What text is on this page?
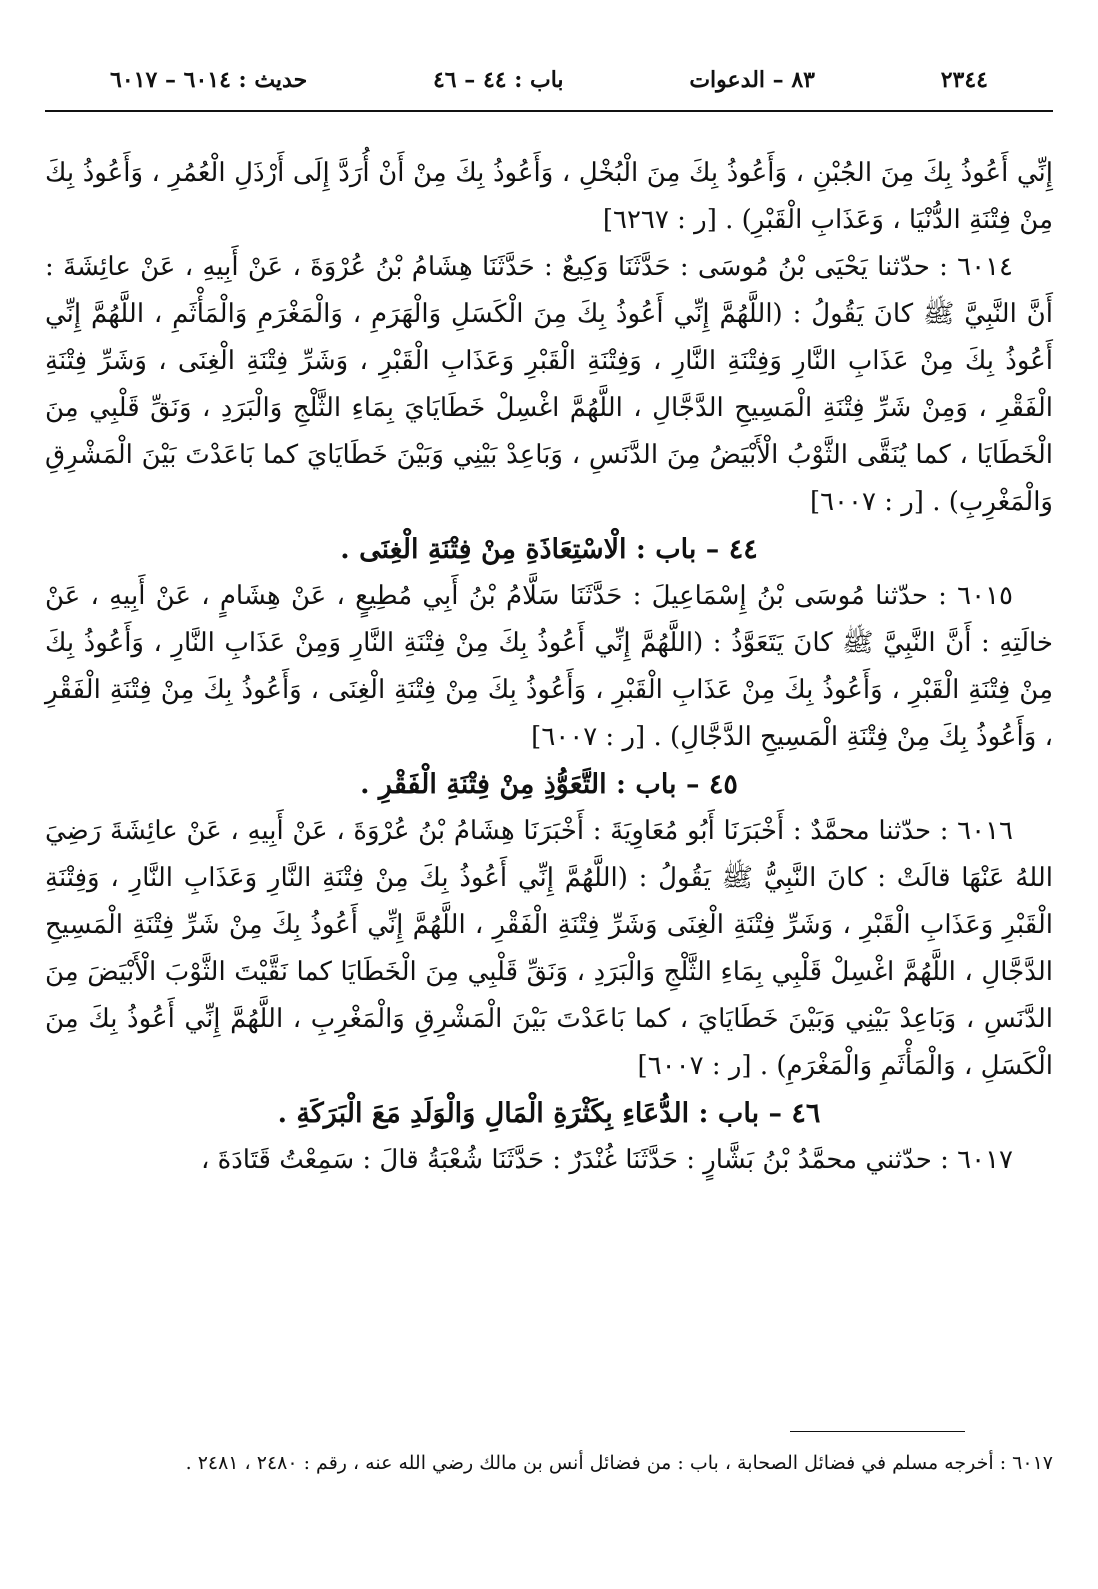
٢٣٤٤
٨٣ – الدعوات
باب : ٤٤ – ٤٦
حديث : ٦٠١٤ – ٦٠١٧

إِنِّي أَعُوذُ بِكَ مِنَ الجُبْنِ ، وَأَعُوذُ بِكَ مِنَ الْبُخْلِ ، وَأَعُوذُ بِكَ مِنْ أَنْ أُرَدَّ إِلَى أَرْذَلِ الْعُمُرِ ، وَأَعُوذُ بِكَ مِنْ فِتْنَةِ الدُّنْيَا ، وَعَذَابِ الْقَبْرِ) . [ر : ٦٢٦٧]

٦٠١٤ : حدّثنا يَحْيَى بْنُ مُوسَى : حَدَّثَنَا وَكِيعٌ : حَدَّثَنَا هِشَامُ بْنُ عُرْوَةَ ، عَنْ أَبِيهِ ، عَنْ عائِشَةَ : أَنَّ النَّبِيَّ ﷺ كانَ يَقُولُ : (اللَّهُمَّ إِنِّي أَعُوذُ بِكَ مِنَ الْكَسَلِ وَالْهَرَمِ ، وَالْمَغْرَمِ وَالْمَأْثَمِ ، اللَّهُمَّ إِنِّي أَعُوذُ بِكَ مِنْ عَذَابِ النَّارِ وَفِتْنَةِ النَّارِ ، وَفِتْنَةِ الْقَبْرِ وَعَذَابِ الْقَبْرِ ، وَشَرِّ فِتْنَةِ الْغِنَى ، وَشَرِّ فِتْنَةِ الْفَقْرِ ، وَمِنْ شَرِّ فِتْنَةِ الْمَسِيحِ الدَّجَّالِ ، اللَّهُمَّ اغْسِلْ خَطَايَايَ بِمَاءِ الثَّلْجِ وَالْبَرَدِ ، وَنَقِّ قَلْبِي مِنَ الْخَطَايَا ، كما يُنَقَّى الثَّوْبُ الْأَبْيَضُ مِنَ الدَّنَسِ ، وَبَاعِدْ بَيْنِي وَبَيْنَ خَطَايَايَ كما بَاعَدْتَ بَيْنَ الْمَشْرِقِ وَالْمَغْرِبِ) . [ر : ٦٠٠٧]

٤٤ – باب : الْاسْتِعَاذَةِ مِنْ فِتْنَةِ الْغِنَى .

٦٠١٥ : حدّثنا مُوسَى بْنُ إِسْمَاعِيلَ : حَدَّثَنَا سَلَّامُ بْنُ أَبِي مُطِيعٍ ، عَنْ هِشَامٍ ، عَنْ أَبِيهِ ، عَنْ خالَتِهِ : أَنَّ النَّبِيَّ ﷺ كانَ يَتَعَوَّذُ : (اللَّهُمَّ إِنِّي أَعُوذُ بِكَ مِنْ فِتْنَةِ النَّارِ وَمِنْ عَذَابِ النَّارِ ، وَأَعُوذُ بِكَ مِنْ فِتْنَةِ الْقَبْرِ ، وَأَعُوذُ بِكَ مِنْ عَذَابِ الْقَبْرِ ، وَأَعُوذُ بِكَ مِنْ فِتْنَةِ الْغِنَى ، وَأَعُوذُ بِكَ مِنْ فِتْنَةِ الْفَقْرِ ، وَأَعُوذُ بِكَ مِنْ فِتْنَةِ الْمَسِيحِ الدَّجَّالِ) . [ر : ٦٠٠٧]

٤٥ – باب : التَّعَوُّذِ مِنْ فِتْنَةِ الْفَقْرِ .

٦٠١٦ : حدّثنا محمَّدٌ : أَخْبَرَنَا أَبُو مُعَاوِيَةَ : أَخْبَرَنَا هِشَامُ بْنُ عُرْوَةَ ، عَنْ أَبِيهِ ، عَنْ عائِشَةَ رَضِيَ اللهُ عَنْهَا قالَتْ : كانَ النَّبِيُّ ﷺ يَقُولُ : (اللَّهُمَّ إِنِّي أَعُوذُ بِكَ مِنْ فِتْنَةِ النَّارِ وَعَذَابِ النَّارِ ، وَفِتْنَةِ الْقَبْرِ وَعَذَابِ الْقَبْرِ ، وَشَرِّ فِتْنَةِ الْغِنَى وَشَرِّ فِتْنَةِ الْفَقْرِ ، اللَّهُمَّ إِنِّي أَعُوذُ بِكَ مِنْ شَرِّ فِتْنَةِ الْمَسِيحِ الدَّجَّالِ ، اللَّهُمَّ اغْسِلْ قَلْبِي بِمَاءِ الثَّلْجِ وَالْبَرَدِ ، وَنَقِّ قَلْبِي مِنَ الْخَطَايَا كما نَقَّيْتَ الثَّوْبَ الْأَبْيَضَ مِنَ الدَّنَسِ ، وَبَاعِدْ بَيْنِي وَبَيْنَ خَطَايَايَ ، كما بَاعَدْتَ بَيْنَ الْمَشْرِقِ وَالْمَغْرِبِ ، اللَّهُمَّ إِنِّي أَعُوذُ بِكَ مِنَ الْكَسَلِ ، وَالْمَأْثَمِ وَالْمَغْرَمِ) . [ر : ٦٠٠٧]

٤٦ – باب : الدُّعَاءِ بِكَثْرَةِ الْمَالِ وَالْوَلَدِ مَعَ الْبَرَكَةِ .

٦٠١٧ : حدّثني محمَّدُ بْنُ بَشَّارٍ : حَدَّثَنَا غُنْدَرٌ : حَدَّثَنَا شُعْبَةُ قالَ : سَمِعْتُ قَتَادَةَ ،

٦٠١٧ : أخرجه مسلم في فضائل الصحابة ، باب : من فضائل أنس بن مالك رضي الله عنه ، رقم : ٢٤٨٠ ، ٢٤٨١ .
